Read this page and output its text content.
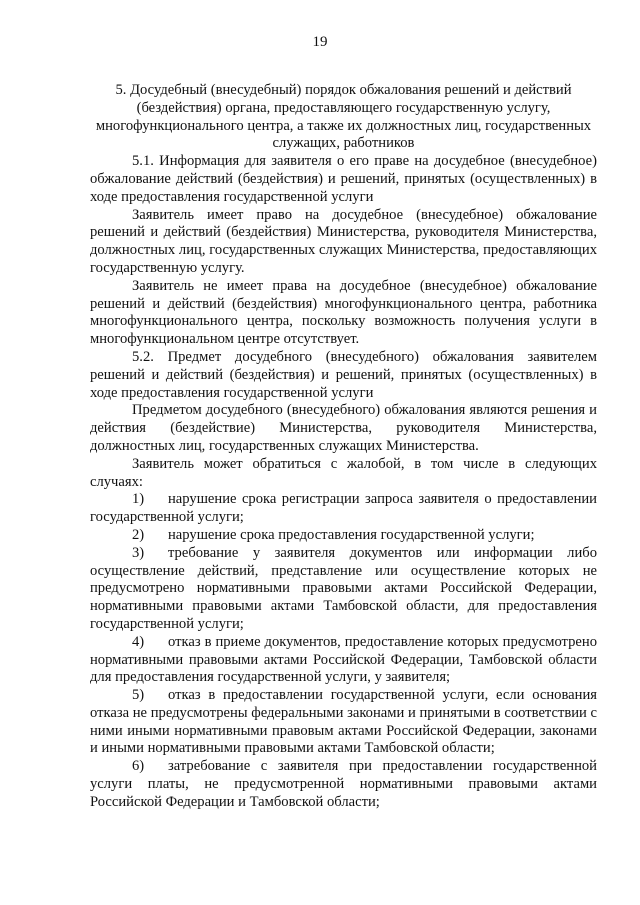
19

5. Досудебный (внесудебный) порядок обжалования решений и действий (бездействия) органа, предоставляющего государственную услугу, многофункционального центра, а также их должностных лиц, государственных служащих, работников

5.1. Информация для заявителя о его праве на досудебное (внесудебное) обжалование действий (бездействия) и решений, принятых (осуществленных) в ходе предоставления государственной услуги

Заявитель имеет право на досудебное (внесудебное) обжалование решений и действий (бездействия) Министерства, руководителя Министерства, должностных лиц, государственных служащих Министерства, предоставляющих государственную услугу.

Заявитель не имеет права на досудебное (внесудебное) обжалование решений и действий (бездействия) многофункционального центра, работника многофункционального центра, поскольку возможность получения услуги в многофункциональном центре отсутствует.

5.2. Предмет досудебного (внесудебного) обжалования заявителем решений и действий (бездействия) и решений, принятых (осуществленных) в ходе предоставления государственной услуги

Предметом досудебного (внесудебного) обжалования являются решения и действия (бездействие) Министерства, руководителя Министерства, должностных лиц, государственных служащих Министерства.

Заявитель может обратиться с жалобой, в том числе в следующих случаях:

1) нарушение срока регистрации запроса заявителя о предоставлении государственной услуги;

2) нарушение срока предоставления государственной услуги;

3) требование у заявителя документов или информации либо осуществление действий, представление или осуществление которых не предусмотрено нормативными правовыми актами Российской Федерации, нормативными правовыми актами Тамбовской области, для предоставления государственной услуги;

4) отказ в приеме документов, предоставление которых предусмотрено нормативными правовыми актами Российской Федерации, Тамбовской области для предоставления государственной услуги, у заявителя;

5) отказ в предоставлении государственной услуги, если основания отказа не предусмотрены федеральными законами и принятыми в соответствии с ними иными нормативными правовым актами Российской Федерации, законами и иными нормативными правовыми актами Тамбовской области;

6) затребование с заявителя при предоставлении государственной услуги платы, не предусмотренной нормативными правовыми актами Российской Федерации и Тамбовской области;
